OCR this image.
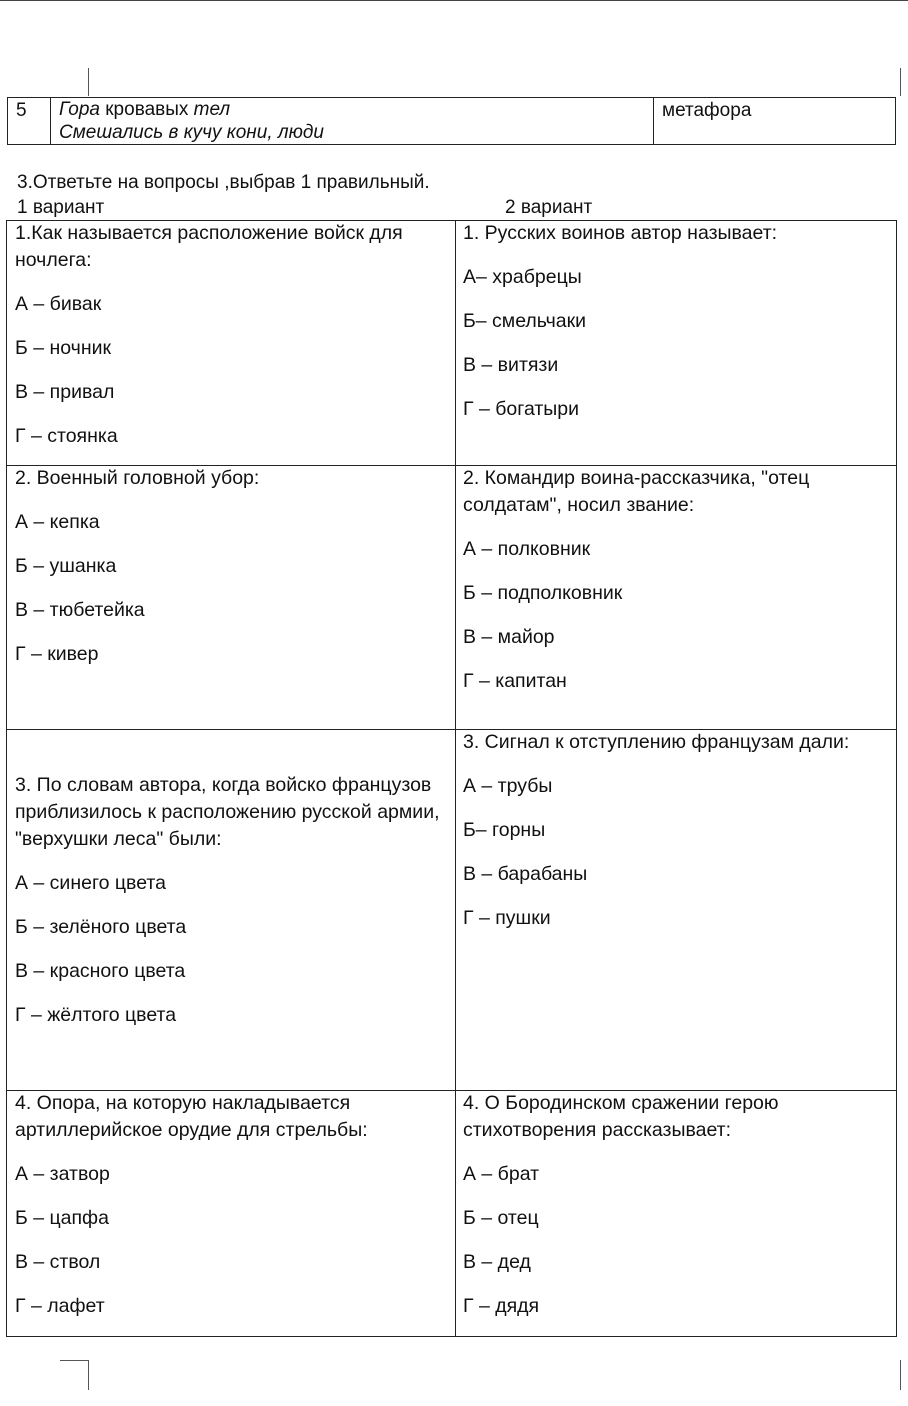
5 Гора кровавых тел
Смешались в кучу кони, люди
метафора
3.Ответьте на вопросы ,выбрав 1 правильный.
1 вариант	2 вариант
1.Как называется расположение войск для ночлега:
А – бивак
Б – ночник
В – привал
Г – стоянка
2. Военный головной убор:
А – кепка
Б – ушанка
В – тюбетейка
Г – кивер
3. По словам автора, когда войско французов приблизилось к расположению русской армии, "верхушки леса" были:
А – синего цвета
Б – зелёного цвета
В – красного цвета
Г – жёлтого цвета
4. Опора, на которую накладывается артиллерийское орудие для стрельбы:
А – затвор
Б – цапфа
В – ствол
Г – лафет
1. Русских воинов автор называет:
А– храбрецы
Б– смельчаки
В – витязи
Г – богатыри
2. Командир воина-рассказчика, "отец солдатам", носил звание:
А – полковник
Б – подполковник
В – майор
Г – капитан
3. Сигнал к отступлению французам дали:
А – трубы
Б– горны
В – барабаны
Г – пушки
4. О Бородинском сражении герою стихотворения рассказывает:
А – брат
Б – отец
В – дед
Г – дядя
